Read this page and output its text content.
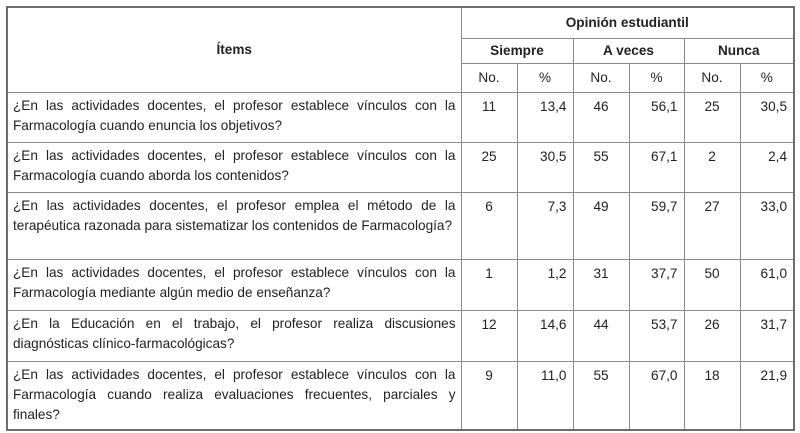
Ítems	Opinión estudiantil					
	Siempre		A veces		Nunca	
	No.	%	No.	%	No.	%
¿En las actividades docentes, el profesor establece vínculos con la Farmacología cuando enuncia los objetivos?	11	13,4	46	56,1	25	30,5
¿En las actividades docentes, el profesor establece vínculos con la Farmacología cuando aborda los contenidos?	25	30,5	55	67,1	2	2,4
¿En las actividades docentes, el profesor emplea el método de la terapéutica razonada para sistematizar los contenidos de Farmacología?	6	7,3	49	59,7	27	33,0
¿En las actividades docentes, el profesor establece vínculos con la Farmacología mediante algún medio de enseñanza?	1	1,2	31	37,7	50	61,0
¿En la Educación en el trabajo, el profesor realiza discusiones diagnósticas clínico-farmacológicas?	12	14,6	44	53,7	26	31,7
¿En las actividades docentes, el profesor establece vínculos con la Farmacología cuando realiza evaluaciones frecuentes, parciales y finales?	9	11,0	55	67,0	18	21,9
